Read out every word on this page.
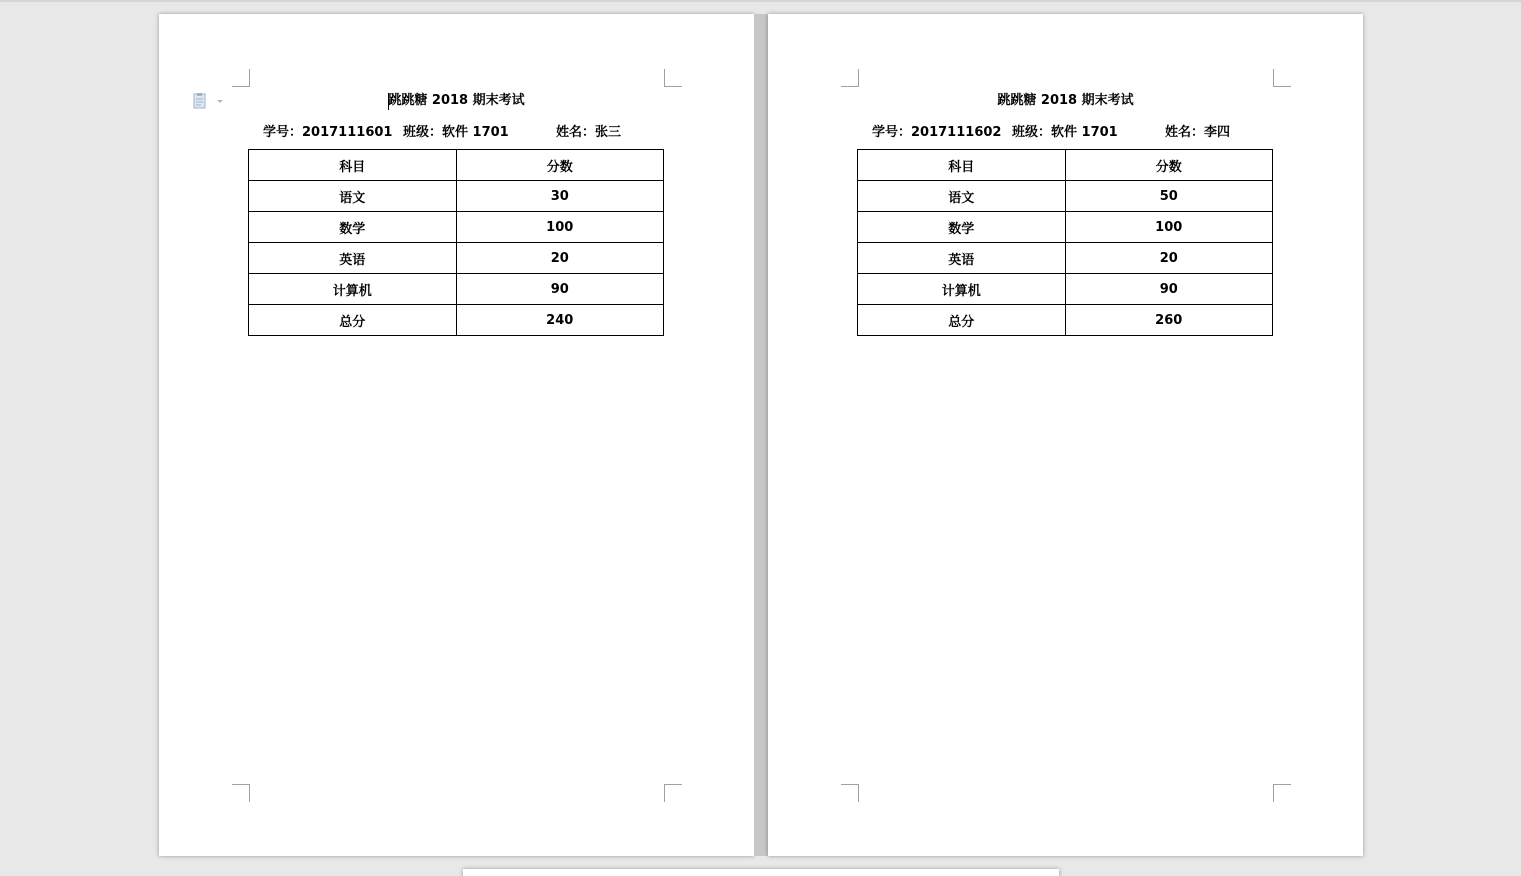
跳跳糖 2018 期末考试
学号：2017111601 班级：软件 1701	姓名：张三
科目	分数
语文	30
数学	100
英语	20
计算机	90
总分	240
跳跳糖 2018 期末考试
学号：2017111602 班级：软件 1701	姓名：李四
科目	分数
语文	50
数学	100
英语	20
计算机	90
总分	260
